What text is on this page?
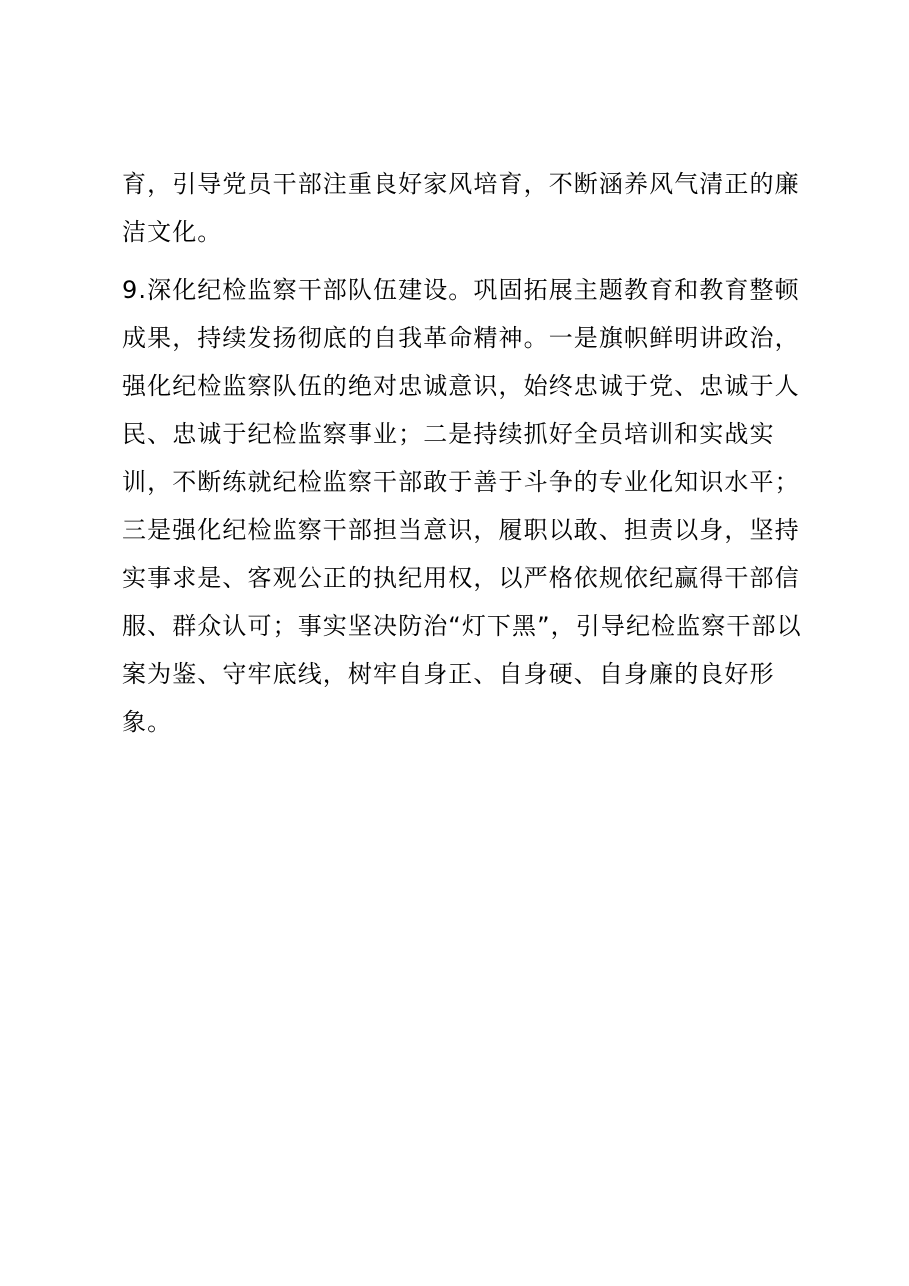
育，引导党员干部注重良好家风培育，不断涵养风气清正的廉
洁文化。
9.深化纪检监察干部队伍建设。巩固拓展主题教育和教育整顿
成果，持续发扬彻底的自我革命精神。一是旗帜鲜明讲政治，
强化纪检监察队伍的绝对忠诚意识，始终忠诚于党、忠诚于人
民、忠诚于纪检监察事业；二是持续抓好全员培训和实战实
训，不断练就纪检监察干部敢于善于斗争的专业化知识水平；
三是强化纪检监察干部担当意识，履职以敢、担责以身，坚持
实事求是、客观公正的执纪用权，以严格依规依纪赢得干部信
服、群众认可；事实坚决防治“灯下黑”，引导纪检监察干部以
案为鉴、守牢底线，树牢自身正、自身硬、自身廉的良好形
象。
